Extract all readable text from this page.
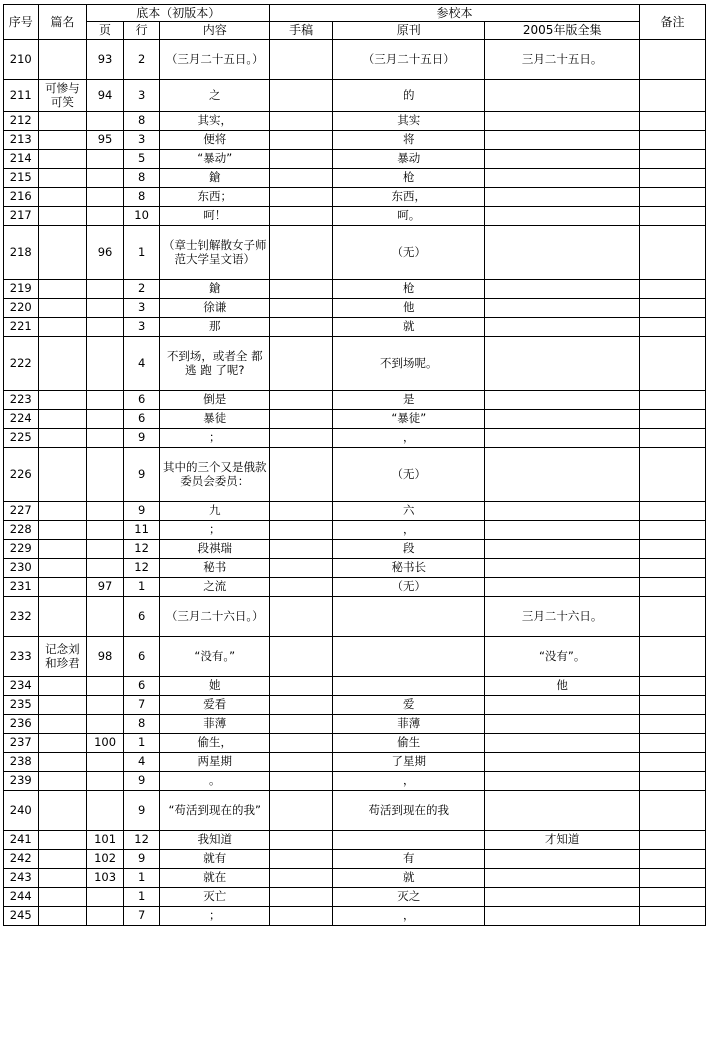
序号	篇名	底本（初版本）			参校本			备注
		页	行	内容	手稿	原刊	2005年版全集	
210		93	2	（三月二十五日。）		（三月二十五日）	三月二十五日。	
211	可惨与可笑	94	3	之		的		
212			8	其实，		其实		
213		95	3	便将		将		
214			5	“暴动”		暴动		
215			8	鎗		枪		
216			8	东西；		东西，		
217			10	呵！		呵。		
218		96	1	（章士钊解散女子师范大学呈文语）		（无）		
219			2	鎗		枪		
220			3	徐谦		他		
221			3	那		就		
222			4	不到场，或者全 都 逃 跑 了呢?		不到场呢。		
223			6	倒是		是		
224			6	暴徒		“暴徒”		
225			9	；		，		
226			9	其中的三个又是俄款委员会委员：		（无）		
227			9	九		六		
228			11	；		，		
229			12	段祺瑞		段		
230			12	秘书		秘书长		
231		97	1	之流		（无）		
232			6	（三月二十六日。）			三月二十六日。	
233	记念刘和珍君	98	6	“没有。”			“没有”。	
234			6	她			他	
235			7	爱看		爱		
236			8	菲薄		菲薄		
237		100	1	偷生，		偷生		
238			4	两星期		了星期		
239			9	。		，		
240			9	“苟活到现在的我”		苟活到现在的我		
241		101	12	我知道			才知道	
242		102	9	就有		有		
243		103	1	就在		就		
244			1	灭亡		灭之		
245			7	；		，		
